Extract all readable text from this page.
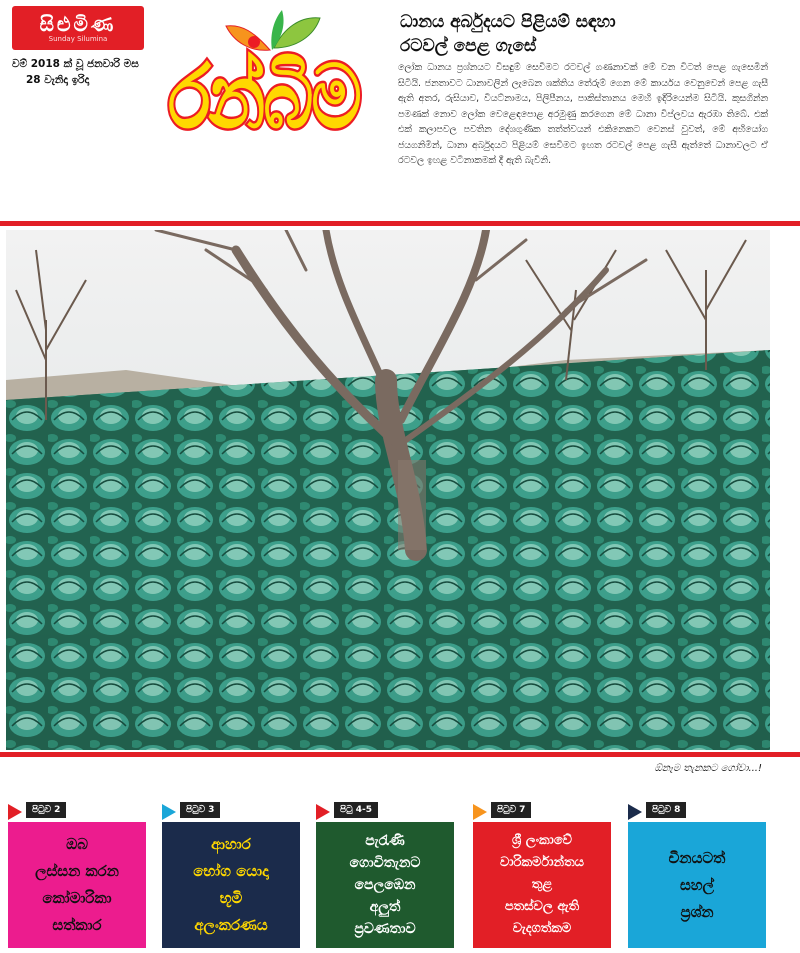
සිළුමිණ
Sunday Silumina
වම් 2018 ක් වූ ජනවාරි මස
28 වැනිදා ඉරිදා	රන්බිම
ධානය අර්බුදයට පිළියම් සඳහා
රටවල් පෙළ ගැසේ
ලෝක ධානය ප්‍රශ්නයට විසඳුම් සෙවීමට රටවල් ගණනාවක් මේ වන විටත් පෙළ ගැසෙමින් සිටියි. ජනතාවට ධානාවලින් ලැබෙන ශක්තිය තේරුම් ගෙන මේ කාර්යය වෙනුවෙන් පෙළ ගැසී ඇති අතර, රුසියාව, වියට්නාමය, පිලිපීනය, පාකිස්තානය මෙහි ඉදිරියෙන්ම සිටියි. කුසගින්න පමණක් නොව ලෝක වෙළෙඳපොළ අරමුණු කරගෙන මේ ධානා විප්ලවය ඇරඹා තිබේ. එක් එක් කලාපවල පවතින දේශගුණික තත්ත්වයන් එකිනෙකට වෙනස් වුවත්, මේ අභියෝග ජයගනිමින්, ධානා අර්බුදයට පිළියම් සෙවීමට ඉහත රටවල් පෙළ ගැසී ඇත්තේ ධානාවලට ඒ රටවල ඉහළ වටිනාකමක් දී ඇති බැවිනි.
ඕනෑම තැනකට ගෝවා...!
පිටුව 2
ඔබ
ලස්සන කරන
කෝමාරිකා
සත්කාර
පිටුව 3
ආහාර
භෝග යොදා
භූමි
අලංකරණය
පිටු 4-5
පැරැණි
ගොවිතැනට
පෙලඹෙන
අලුත්
ප්‍රවණතාව
පිටුව 7
ශ්‍රී ලංකාවේ
වාරිකර්මාන්තය
තුළ
පතස්වල ඇති
වැදගත්කම
පිටුව 8
චීනයටත්
සහල්
ප්‍රශ්න
